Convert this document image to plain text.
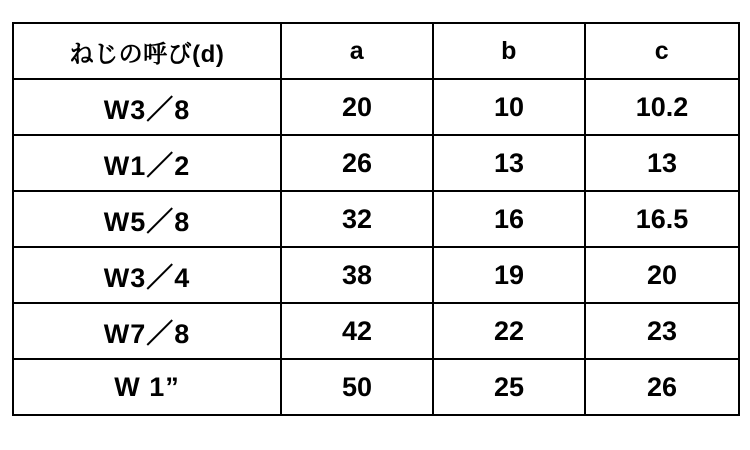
ねじの呼び(d)	a	b	c
W3／8	20	10	10.2
W1／2	26	13	13
W5／8	32	16	16.5
W3／4	38	19	20
W7／8	42	22	23
W 1”	50	25	26
